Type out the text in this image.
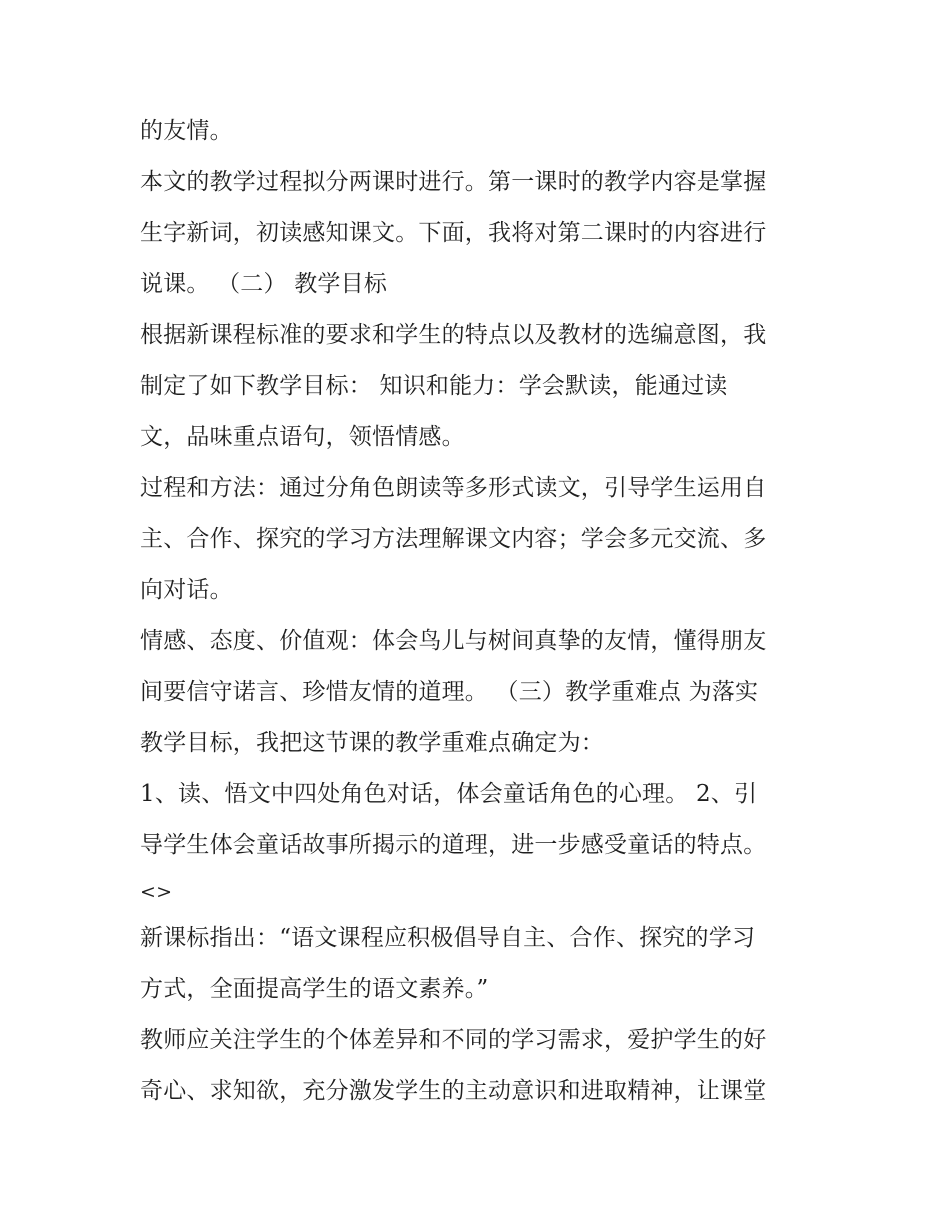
的友情。
本文的教学过程拟分两课时进行。第一课时的教学内容是掌握
生字新词，初读感知课文。下面，我将对第二课时的内容进行
说课。 （二） 教学目标
根据新课程标准的要求和学生的特点以及教材的选编意图，我
制定了如下教学目标： 知识和能力：学会默读，能通过读
文，品味重点语句，领悟情感。
过程和方法：通过分角色朗读等多形式读文，引导学生运用自
主、合作、探究的学习方法理解课文内容；学会多元交流、多
向对话。
情感、态度、价值观：体会鸟儿与树间真挚的友情，懂得朋友
间要信守诺言、珍惜友情的道理。 （三）教学重难点 为落实
教学目标，我把这节课的教学重难点确定为：
1、读、悟文中四处角色对话，体会童话角色的心理。 2、引
导学生体会童话故事所揭示的道理，进一步感受童话的特点。
<>
新课标指出：“语文课程应积极倡导自主、合作、探究的学习
方式，全面提高学生的语文素养。”
教师应关注学生的个体差异和不同的学习需求，爱护学生的好
奇心、求知欲，充分激发学生的主动意识和进取精神，让课堂
